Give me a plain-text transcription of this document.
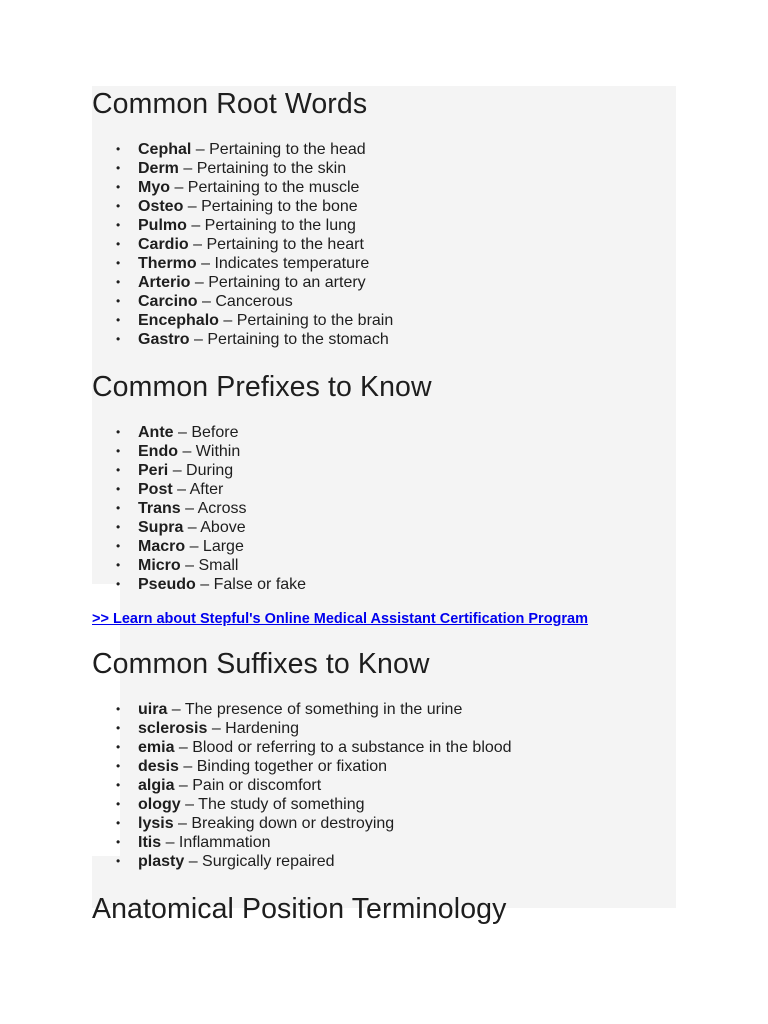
Common Root Words
• Cephal – Pertaining to the head
• Derm – Pertaining to the skin
• Myo – Pertaining to the muscle
• Osteo – Pertaining to the bone
• Pulmo – Pertaining to the lung
• Cardio – Pertaining to the heart
• Thermo – Indicates temperature
• Arterio – Pertaining to an artery
• Carcino – Cancerous
• Encephalo – Pertaining to the brain
• Gastro – Pertaining to the stomach
Common Prefixes to Know
• Ante – Before
• Endo – Within
• Peri – During
• Post – After
• Trans – Across
• Supra – Above
• Macro – Large
• Micro – Small
• Pseudo – False or fake
>> Learn about Stepful's Online Medical Assistant Certification Program
Common Suffixes to Know
• uira – The presence of something in the urine
• sclerosis – Hardening
• emia – Blood or referring to a substance in the blood
• desis – Binding together or fixation
• algia – Pain or discomfort
• ology – The study of something
• lysis – Breaking down or destroying
• Itis – Inflammation
• plasty – Surgically repaired
Anatomical Position Terminology
